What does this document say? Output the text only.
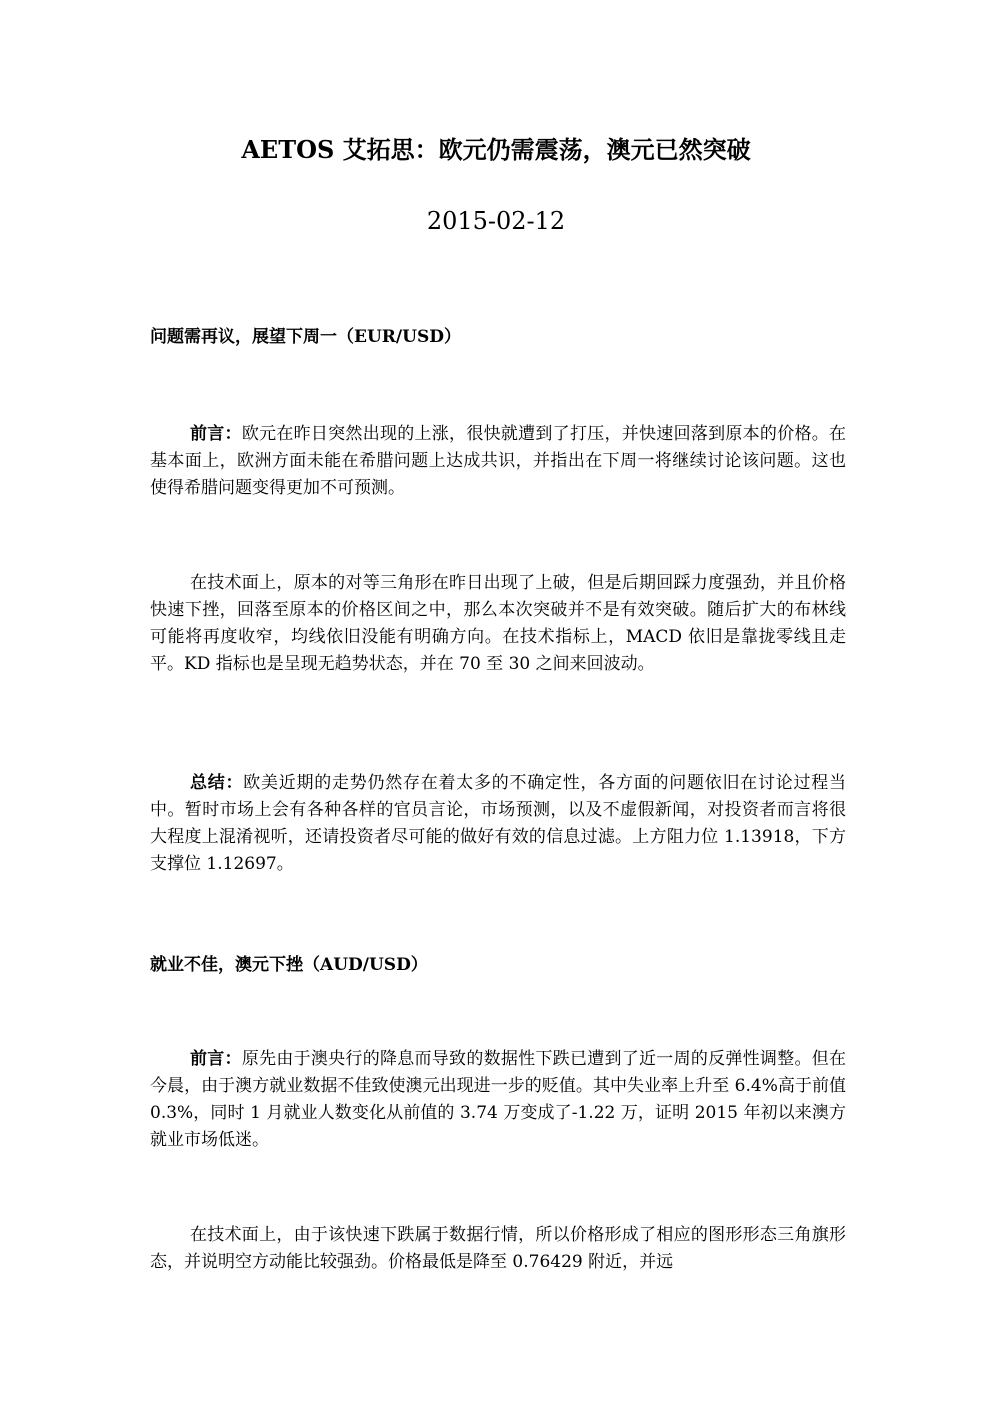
AETOS 艾拓思：欧元仍需震荡，澳元已然突破
2015-02-12
问题需再议，展望下周一（EUR/USD）

前言：欧元在昨日突然出现的上涨，很快就遭到了打压，并快速回落到原本的价格。在基本面上，欧洲方面未能在希腊问题上达成共识，并指出在下周一将继续讨论该问题。这也使得希腊问题变得更加不可预测。

在技术面上，原本的对等三角形在昨日出现了上破，但是后期回踩力度强劲，并且价格快速下挫，回落至原本的价格区间之中，那么本次突破并不是有效突破。随后扩大的布林线可能将再度收窄，均线依旧没能有明确方向。在技术指标上，MACD 依旧是靠拢零线且走平。KD 指标也是呈现无趋势状态，并在 70 至 30 之间来回波动。

总结：欧美近期的走势仍然存在着太多的不确定性，各方面的问题依旧在讨论过程当中。暂时市场上会有各种各样的官员言论，市场预测，以及不虚假新闻，对投资者而言将很大程度上混淆视听，还请投资者尽可能的做好有效的信息过滤。上方阻力位 1.13918，下方支撑位 1.12697。

就业不佳，澳元下挫（AUD/USD）

前言：原先由于澳央行的降息而导致的数据性下跌已遭到了近一周的反弹性调整。但在今晨，由于澳方就业数据不佳致使澳元出现进一步的贬值。其中失业率上升至 6.4%高于前值 0.3%，同时 1 月就业人数变化从前值的 3.74 万变成了-1.22 万，证明 2015 年初以来澳方就业市场低迷。

在技术面上，由于该快速下跌属于数据行情，所以价格形成了相应的图形形态三角旗形态，并说明空方动能比较强劲。价格最低是降至 0.76429 附近，并远
